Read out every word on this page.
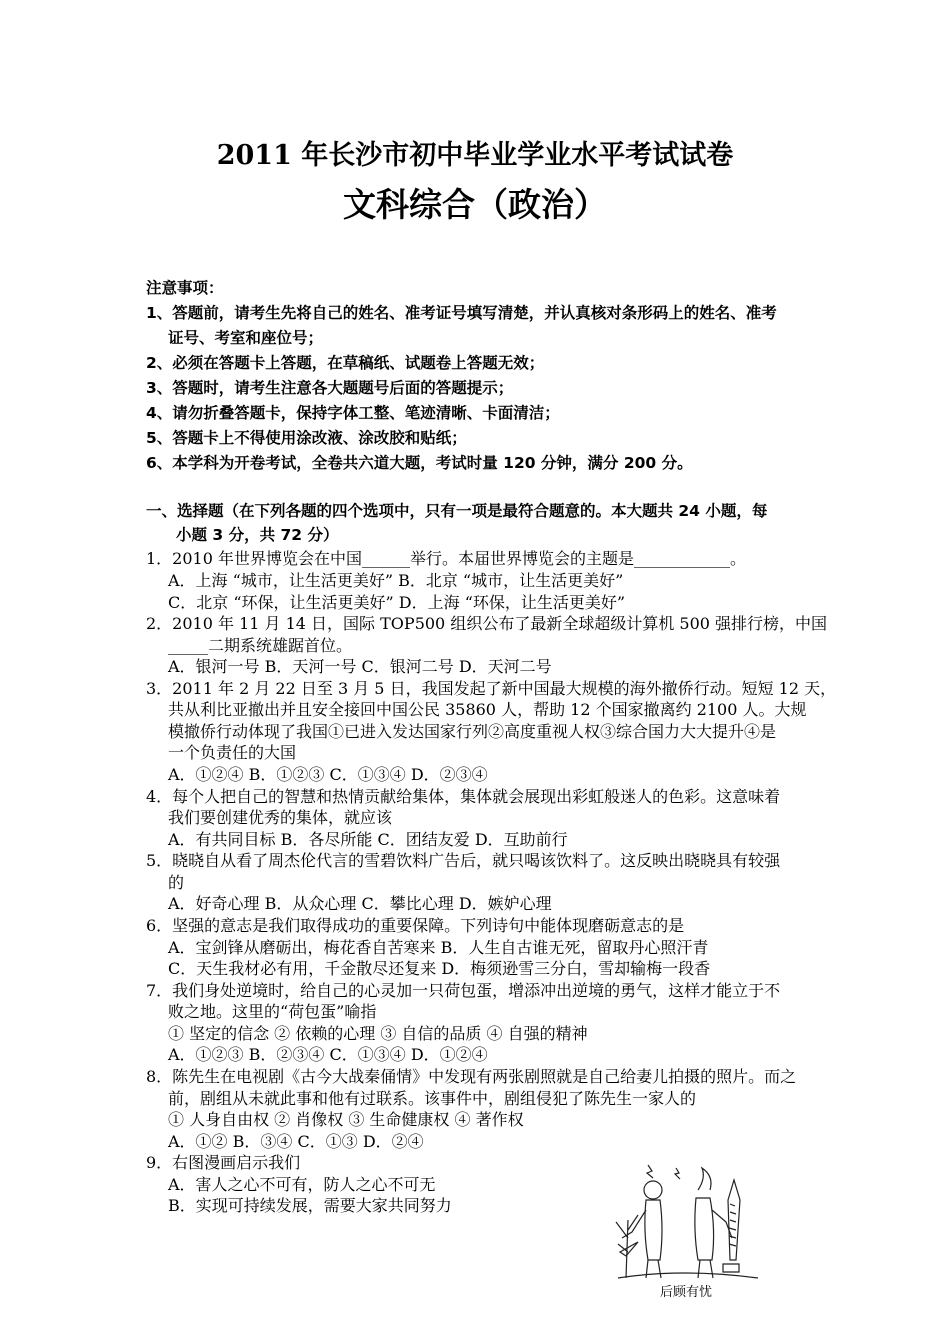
2011 年长沙市初中毕业学业水平考试试卷
文科综合（政治）
注意事项：
1、答题前，请考生先将自己的姓名、准考证号填写清楚，并认真核对条形码上的姓名、准考
证号、考室和座位号；
2、必须在答题卡上答题，在草稿纸、试题卷上答题无效；
3、答题时，请考生注意各大题题号后面的答题提示；
4、请勿折叠答题卡，保持字体工整、笔迹清晰、卡面清洁；
5、答题卡上不得使用涂改液、涂改胶和贴纸；
6、本学科为开卷考试，全卷共六道大题，考试时量 120 分钟，满分 200 分。
一、选择题（在下列各题的四个选项中，只有一项是最符合题意的。本大题共 24 小题，每
小题 3 分，共 72 分）
1．2010 年世界博览会在中国______举行。本届世界博览会的主题是____________。
A．上海 “城市，让生活更美好” B．北京 “城市，让生活更美好”
C．北京 “环保，让生活更美好” D．上海 “环保，让生活更美好”
2．2010 年 11 月 14 日，国际 TOP500 组织公布了最新全球超级计算机 500 强排行榜，中国
_____二期系统雄踞首位。
A．银河一号 B．天河一号 C．银河二号 D．天河二号
3．2011 年 2 月 22 日至 3 月 5 日，我国发起了新中国最大规模的海外撤侨行动。短短 12 天，
共从利比亚撤出并且安全接回中国公民 35860 人，帮助 12 个国家撤离约 2100 人。大规
模撤侨行动体现了我国①已进入发达国家行列②高度重视人权③综合国力大大提升④是
一个负责任的大国
A．①②④ B．①②③ C．①③④ D．②③④
4．每个人把自己的智慧和热情贡献给集体，集体就会展现出彩虹般迷人的色彩。这意味着
我们要创建优秀的集体，就应该
A．有共同目标 B．各尽所能 C．团结友爱 D．互助前行
5．晓晓自从看了周杰伦代言的雪碧饮料广告后，就只喝该饮料了。这反映出晓晓具有较强
的
A．好奇心理 B．从众心理 C．攀比心理 D．嫉妒心理
6．坚强的意志是我们取得成功的重要保障。下列诗句中能体现磨砺意志的是
A．宝剑锋从磨砺出，梅花香自苦寒来 B．人生自古谁无死，留取丹心照汗青
C．天生我材必有用，千金散尽还复来 D．梅须逊雪三分白，雪却输梅一段香
7．我们身处逆境时，给自己的心灵加一只荷包蛋，增添冲出逆境的勇气，这样才能立于不
败之地。这里的“荷包蛋”喻指
① 坚定的信念 ② 依赖的心理 ③ 自信的品质 ④ 自强的精神
A．①②③ B．②③④ C．①③④ D．①②④
8．陈先生在电视剧《古今大战秦俑情》中发现有两张剧照就是自己给妻儿拍摄的照片。而之
前，剧组从未就此事和他有过联系。该事件中，剧组侵犯了陈先生一家人的
① 人身自由权 ② 肖像权 ③ 生命健康权 ④ 著作权
A．①② B．③④ C．①③ D．②④
9．右图漫画启示我们
A．害人之心不可有，防人之心不可无
B．实现可持续发展，需要大家共同努力
后顾有忧
